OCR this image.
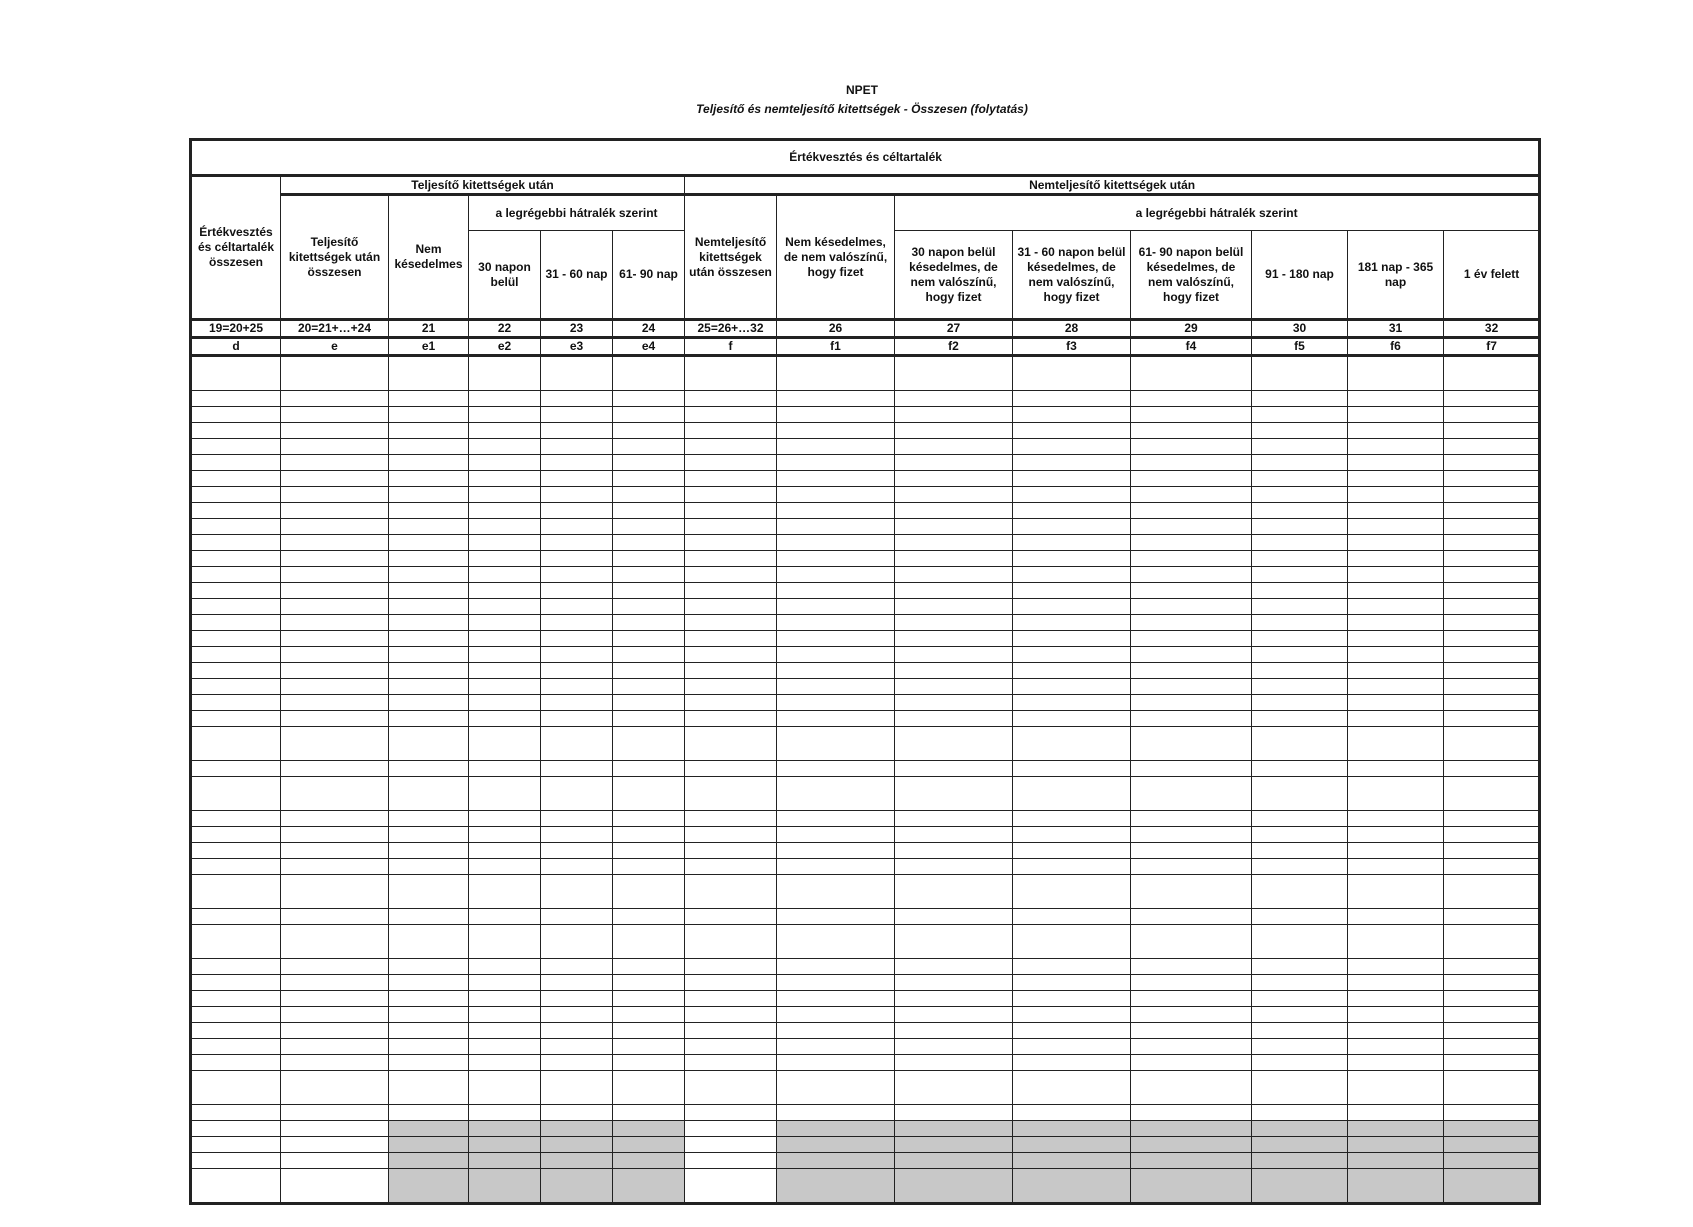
NPET
Teljesítő és nemteljesítő kitettségek - Összesen (folytatás)
Értékvesztés és céltartalék													
Értékvesztés és céltartalék összesen	Teljesítő kitettségek után					Nemteljesítő kitettségek után							
	Teljesítő kitettségek után összesen	Nem késedelmes	a legrégebbi hátralék szerint			Nemteljesítő kitettségek után összesen	Nem késedelmes, de nem valószínű, hogy fizet	a legrégebbi hátralék szerint					
			30 napon belül	31 - 60 nap	61- 90 nap			30 napon belül késedelmes, de nem valószínű, hogy fizet	31 - 60 napon belül késedelmes, de nem valószínű, hogy fizet	61- 90 napon belül késedelmes, de nem valószínű, hogy fizet	91 - 180 nap	181 nap - 365 nap	1 év felett
19=20+25	20=21+…+24	21	22	23	24	25=26+…32	26	27	28	29	30	31	32
d	e	e1	e2	e3	e4	f	f1	f2	f3	f4	f5	f6	f7
